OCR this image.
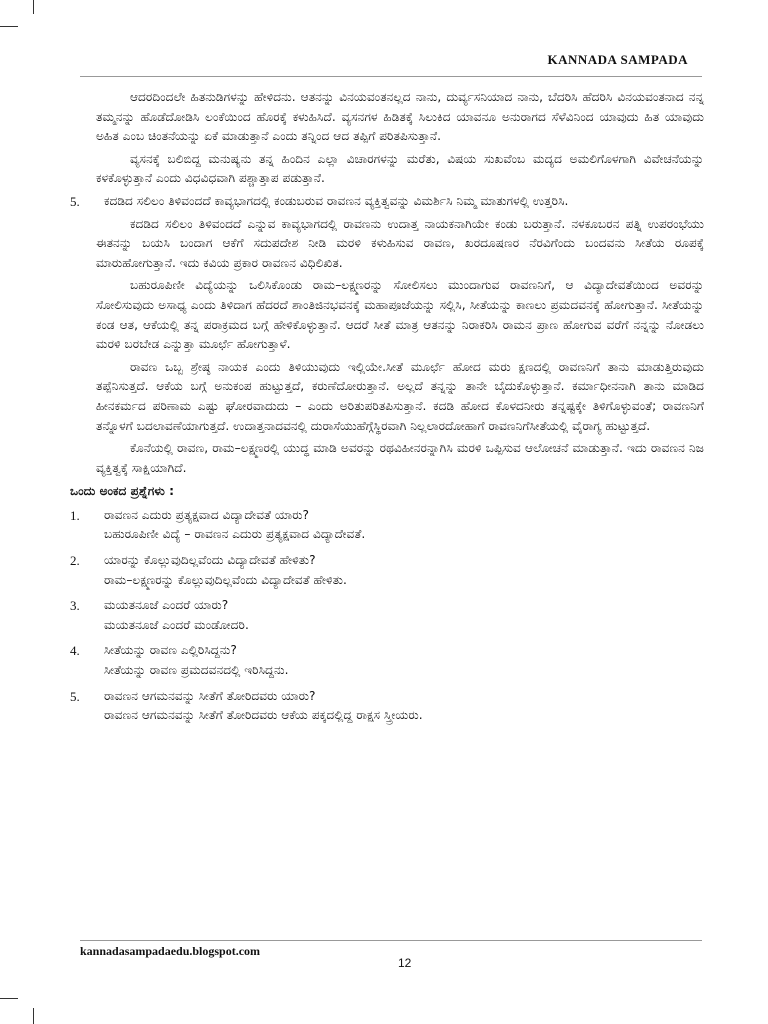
KANNADA SAMPADA

ಆದರದಿಂದಲೇ ಹಿತನುಡಿಗಳನ್ನು ಹೇಳಿದನು. ಆತನನ್ನು ವಿನಯವಂತನಲ್ಲದ ನಾನು, ದುರ್ವ್ಯಸನಿಯಾದ ನಾನು, ಬೆದರಿಸಿ ಹೆದರಿಸಿ ವಿನಯವಂತನಾದ ನನ್ನ ತಮ್ಮನನ್ನು ಹೊಡೆದೋಡಿಸಿ ಲಂಕೆಯಿಂದ ಹೊರಕ್ಕೆ ಕಳುಹಿಸಿದೆ. ವ್ಯಸನಗಳ ಹಿಡಿತಕ್ಕೆ ಸಿಲುಕಿದ ಯಾವನೂ ಅನುರಾಗದ ಸೆಳೆವಿನಿಂದ ಯಾವುದು ಹಿತ ಯಾವುದು ಅಹಿತ ಎಂಬ ಚಿಂತನೆಯನ್ನು ಏಕೆ ಮಾಡುತ್ತಾನೆ ಎಂದು ತನ್ನಿಂದ ಆದ ತಪ್ಪಿಗೆ ಪರಿತಪಿಸುತ್ತಾನೆ.

ವ್ಯಸನಕ್ಕೆ ಬಲಿಬಿದ್ದ ಮನುಷ್ಯನು ತನ್ನ ಹಿಂದಿನ ಎಲ್ಲಾ ವಿಚಾರಗಳನ್ನು ಮರೆತು, ವಿಷಯ ಸುಖವೆಂಬ ಮದ್ಯದ ಅಮಲಿಗೊಳಗಾಗಿ ವಿವೇಚನೆಯನ್ನು ಕಳಕೊಳ್ಳುತ್ತಾನೆ ಎಂದು ವಿಧವಿಧವಾಗಿ ಪಶ್ಚಾತ್ತಾಪ ಪಡುತ್ತಾನೆ.

5.	ಕದಡಿದ ಸಲಿಲಂ ತಿಳಿವಂದದೆ ಕಾವ್ಯಭಾಗದಲ್ಲಿ ಕಂಡುಬರುವ ರಾವಣನ ವ್ಯಕ್ತಿತ್ವವನ್ನು ವಿಮರ್ಶಿಸಿ ನಿಮ್ಮ ಮಾತುಗಳಲ್ಲಿ ಉತ್ತರಿಸಿ.

ಕದಡಿದ ಸಲಿಲಂ ತಿಳಿವಂದದೆ ಎನ್ನುವ ಕಾವ್ಯಭಾಗದಲ್ಲಿ ರಾವಣನು ಉದಾತ್ತ ನಾಯಕನಾಗಿಯೇ ಕಂಡು ಬರುತ್ತಾನೆ. ನಳಕೂಬರನ ಪತ್ನಿ ಉಪರಂಭೆಯು ಈತನನ್ನು ಬಯಸಿ ಬಂದಾಗ ಆಕೆಗೆ ಸದುಪದೇಶ ನೀಡಿ ಮರಳಿ ಕಳುಹಿಸುವ ರಾವಣ, ಖರದೂಷಣರ ನೆರವಿಗೆಂದು ಬಂದವನು ಸೀತೆಯ ರೂಪಕ್ಕೆ ಮಾರುಹೋಗುತ್ತಾನೆ. ಇದು ಕವಿಯ ಪ್ರಕಾರ ರಾವಣನ ವಿಧಿಲಿಖಿತ.

ಬಹುರೂಪಿಣೀ ವಿದ್ಯೆಯನ್ನು ಒಲಿಸಿಕೊಂಡು ರಾಮ–ಲಕ್ಷ್ಮಣರನ್ನು ಸೋಲಿಸಲು ಮುಂದಾಗುವ ರಾವಣನಿಗೆ, ಆ ವಿದ್ಯಾದೇವತೆಯಿಂದ ಅವರನ್ನು ಸೋಲಿಸುವುದು ಅಸಾಧ್ಯ ಎಂದು ತಿಳಿದಾಗ ಹೆದರದೆ ಶಾಂತಿಜಿನಭವನಕ್ಕೆ ಮಹಾಪೂಜೆಯನ್ನು ಸಲ್ಲಿಸಿ, ಸೀತೆಯನ್ನು ಕಾಣಲು ಪ್ರಮದವನಕ್ಕೆ ಹೋಗುತ್ತಾನೆ. ಸೀತೆಯನ್ನು ಕಂಡ ಆತ, ಆಕೆಯಲ್ಲಿ ತನ್ನ ಪರಾಕ್ರಮದ ಬಗ್ಗೆ ಹೇಳಿಕೊಳ್ಳುತ್ತಾನೆ. ಆದರೆ ಸೀತೆ ಮಾತ್ರ ಆತನನ್ನು ನಿರಾಕರಿಸಿ ರಾಮನ ಪ್ರಾಣ ಹೋಗುವ ವರೆಗೆ ನನ್ನನ್ನು ನೋಡಲು ಮರಳಿ ಬರಬೇಡ ಎನ್ನುತ್ತಾ ಮೂರ್ಛೆ ಹೋಗುತ್ತಾಳೆ.

ರಾವಣ ಒಬ್ಬ ಶ್ರೇಷ್ಠ ನಾಯಕ ಎಂದು ತಿಳಿಯುವುದು ಇಲ್ಲಿಯೇ.ಸೀತೆ ಮೂರ್ಛೆ ಹೋದ ಮರು ಕ್ಷಣದಲ್ಲಿ ರಾವಣನಿಗೆ ತಾನು ಮಾಡುತ್ತಿರುವುದು ತಪ್ಪೆನಿಸುತ್ತದೆ. ಆಕೆಯ ಬಗ್ಗೆ ಅನುಕಂಪ ಹುಟ್ಟುತ್ತದೆ, ಕರುಣೆದೋರುತ್ತಾನೆ. ಅಲ್ಲದೆ ತನ್ನನ್ನು ತಾನೇ ಬೈದುಕೊಳ್ಳುತ್ತಾನೆ. ಕರ್ಮಾಧೀನನಾಗಿ ತಾನು ಮಾಡಿದ ಹೀನಕರ್ಮದ ಪರಿಣಾಮ ಎಷ್ಟು ಘೋರವಾದುದು – ಎಂದು ಅರಿತುಪರಿತಪಿಸುತ್ತಾನೆ. ಕದಡಿ ಹೋದ ಕೊಳದನೀರು ತನ್ನಷ್ಟಕ್ಕೇ ತಿಳಿಗೊಳ್ಳುವಂತೆ; ರಾವಣನಿಗೆ ತನ್ನೊಳಗೆ ಬದಲಾವಣೆಯಾಗುತ್ತದೆ. ಉದಾತ್ತನಾದವನಲ್ಲಿ ದುರಾಸೆಯುಹೆಗ್ಗೆಸ್ಥಿರವಾಗಿ ನಿಲ್ಲಲಾರದೋಹಾಗೆ ರಾವಣನಿಗೆಸೀತೆಯಲ್ಲಿ ವೈರಾಗ್ಯ ಹುಟ್ಟುತ್ತದೆ.

ಕೊನೆಯಲ್ಲಿ ರಾವಣ, ರಾಮ–ಲಕ್ಷ್ಮಣರಲ್ಲಿ ಯುದ್ಧ ಮಾಡಿ ಅವರನ್ನು ರಥವಿಹೀನರನ್ನಾಗಿಸಿ ಮರಳಿ ಒಪ್ಪಿಸುವ ಆಲೋಚನೆ ಮಾಡುತ್ತಾನೆ. ಇದು ರಾವಣನ ನಿಜ ವ್ಯಕ್ತಿತ್ವಕ್ಕೆ ಸಾಕ್ಷಿಯಾಗಿದೆ.

ಒಂದು ಅಂಕದ ಪ್ರಶ್ನೆಗಳು :
1.	ರಾವಣನ ಎದುರು ಪ್ರತ್ಯಕ್ಷವಾದ ವಿದ್ಯಾದೇವತೆ ಯಾರು?
ಬಹುರೂಪಿಣೀ ವಿದ್ಯೆ – ರಾವಣನ ಎದುರು ಪ್ರತ್ಯಕ್ಷವಾದ ವಿದ್ಯಾದೇವತೆ.
2.	ಯಾರನ್ನು ಕೊಲ್ಲುವುದಿಲ್ಲವೆಂದು ವಿದ್ಯಾದೇವತೆ ಹೇಳಿತು?
ರಾಮ–ಲಕ್ಷ್ಮಣರನ್ನು ಕೊಲ್ಲುವುದಿಲ್ಲವೆಂದು ವಿದ್ಯಾದೇವತೆ ಹೇಳಿತು.
3.	ಮಯತನೂಜೆ ಎಂದರೆ ಯಾರು?
ಮಯತನೂಜೆ ಎಂದರೆ ಮಂಡೋದರಿ.
4.	ಸೀತೆಯನ್ನು ರಾವಣ ಎಲ್ಲಿರಿಸಿದ್ದನು?
ಸೀತೆಯನ್ನು ರಾವಣ ಪ್ರಮದವನದಲ್ಲಿ ಇರಿಸಿದ್ದನು.
5.	ರಾವಣನ ಆಗಮನವನ್ನು ಸೀತೆಗೆ ತೋರಿದವರು ಯಾರು?
ರಾವಣನ ಆಗಮನವನ್ನು ಸೀತೆಗೆ ತೋರಿದವರು ಆಕೆಯ ಪಕ್ಕದಲ್ಲಿದ್ದ ರಾಕ್ಷಸ ಸ್ತ್ರೀಯರು.
kannadasampadaedu.blogspot.com
12
